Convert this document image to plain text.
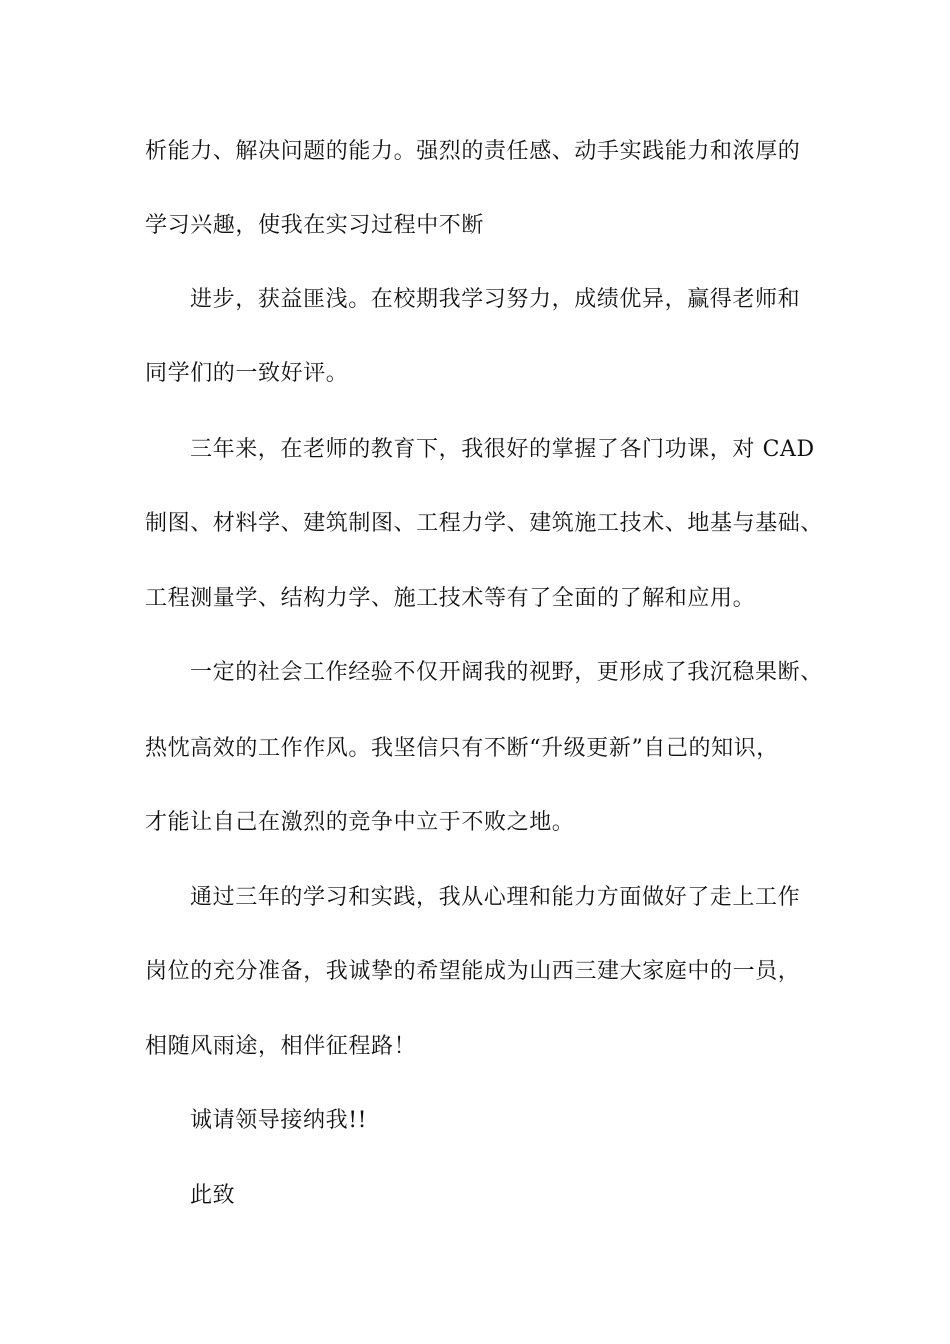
析能力、解决问题的能力。强烈的责任感、动手实践能力和浓厚的
学习兴趣，使我在实习过程中不断
进步，获益匪浅。在校期我学习努力，成绩优异，赢得老师和
同学们的一致好评。
三年来，在老师的教育下，我很好的掌握了各门功课，对 CAD
制图、材料学、建筑制图、工程力学、建筑施工技术、地基与基础、
工程测量学、结构力学、施工技术等有了全面的了解和应用。
一定的社会工作经验不仅开阔我的视野，更形成了我沉稳果断、
热忱高效的工作作风。我坚信只有不断“升级更新”自己的知识，
才能让自己在激烈的竞争中立于不败之地。
通过三年的学习和实践，我从心理和能力方面做好了走上工作
岗位的充分准备，我诚挚的希望能成为山西三建大家庭中的一员，
相随风雨途，相伴征程路！
诚请领导接纳我!!
此致
